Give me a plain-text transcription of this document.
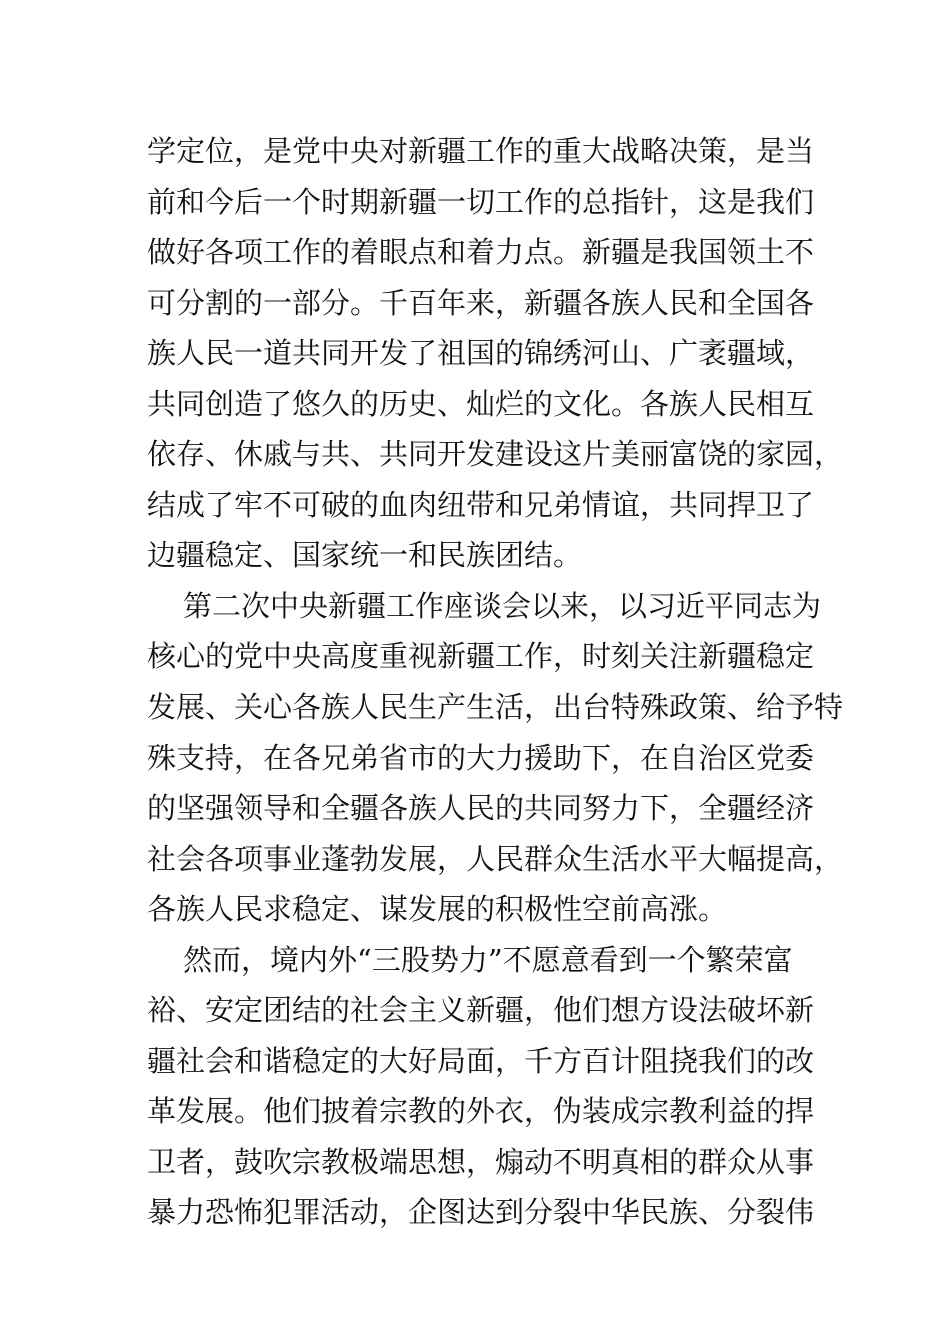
学定位，是党中央对新疆工作的重大战略决策，是当
前和今后一个时期新疆一切工作的总指针，这是我们
做好各项工作的着眼点和着力点。新疆是我国领土不
可分割的一部分。千百年来，新疆各族人民和全国各
族人民一道共同开发了祖国的锦绣河山、广袤疆域，
共同创造了悠久的历史、灿烂的文化。各族人民相互
依存、休戚与共、共同开发建设这片美丽富饶的家园，
结成了牢不可破的血肉纽带和兄弟情谊，共同捍卫了
边疆稳定、国家统一和民族团结。
第二次中央新疆工作座谈会以来，以习近平同志为
核心的党中央高度重视新疆工作，时刻关注新疆稳定
发展、关心各族人民生产生活，出台特殊政策、给予特
殊支持，在各兄弟省市的大力援助下，在自治区党委
的坚强领导和全疆各族人民的共同努力下，全疆经济
社会各项事业蓬勃发展，人民群众生活水平大幅提高，
各族人民求稳定、谋发展的积极性空前高涨。
然而，境内外“三股势力”不愿意看到一个繁荣富
裕、安定团结的社会主义新疆，他们想方设法破坏新
疆社会和谐稳定的大好局面，千方百计阻挠我们的改
革发展。他们披着宗教的外衣，伪装成宗教利益的捍
卫者，鼓吹宗教极端思想，煽动不明真相的群众从事
暴力恐怖犯罪活动，企图达到分裂中华民族、分裂伟
